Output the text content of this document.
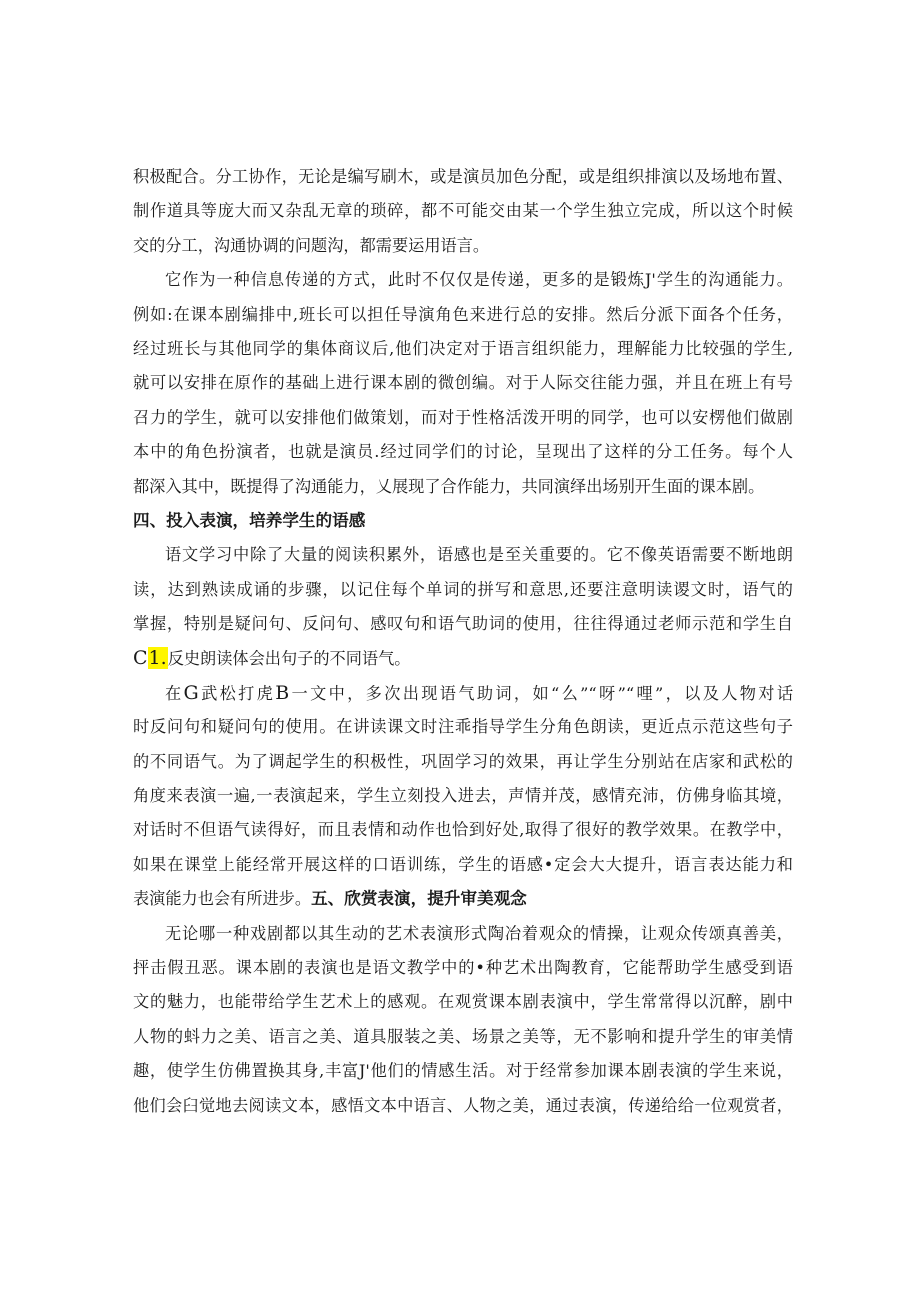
积极配合。分工协作，无论是编写刷木，或是演员加色分配，或是组织排演以及场地布置、
制作道具等庞大而又杂乱无章的琐碎，都不可能交由某一个学生独立完成，所以这个时候
交的分工，沟通协调的问题沟，都需要运用语言。
它作为一种信息传递的方式，此时不仅仅是传递，更多的是锻炼J'学生的沟通能力。
例如:在课本剧编排中,班长可以担任导演角色来进行总的安排。然后分派下面各个任务，
经过班长与其他同学的集体商议后,他们决定对于语言组织能力，理解能力比较强的学生,
就可以安排在原作的基础上进行课本剧的微创编。对于人际交往能力强，并且在班上有号
召力的学生，就可以安排他们做策划，而对于性格活泼开明的同学，也可以安楞他们做剧
本中的角色扮演者，也就是演员.经过同学们的讨论，呈现出了这样的分工任务。每个人
都深入其中，既提得了沟通能力，乂展现了合作能力，共同演绎出场别开生面的课本剧。
四、投入表演，培养学生的语感
语文学习中除了大量的阅读积累外，语感也是至关重要的。它不像英语需要不断地朗
读，达到熟读成诵的步骤，以记住每个单词的拼写和意思,还要注意明读谡文时，语气的
掌握，特别是疑问句、反问句、感叹句和语气助词的使用，往往得通过老师示范和学生自
C1.反史朗读体会出句子的不同语气。
在G武松打虎B一文中，多次出现语气助词，如“么”“呀”“哩”，以及人物对话
时反问句和疑问句的使用。在讲读课文时注乖指导学生分角色朗读，更近点示范这些句子
的不同语气。为了调起学生的积极性，巩固学习的效果，再让学生分别站在店家和武松的
角度来表演一遍,一表演起来，学生立刻投入进去，声情并茂，感情充沛，仿佛身临其境，
对话时不但语气读得好，而且表情和动作也恰到好处,取得了很好的教学效果。在教学中，
如果在课堂上能经常开展这样的口语训练，学生的语感•定会大大提升，语言表达能力和
表演能力也会有所进步。五、欣赏表演，提升审美观念
无论哪一种戏剧都以其生动的艺术表演形式陶冶着观众的情操，让观众传颂真善美，
抨击假丑恶。课本剧的表演也是语文教学中的•种艺术出陶教育，它能帮助学生感受到语
文的魅力，也能带给学生艺术上的感观。在观赏课本剧表演中，学生常常得以沉醉，剧中
人物的蚪力之美、语言之美、道具服装之美、场景之美等，无不影响和提升学生的审美情
趣，使学生仿佛置换其身,丰富J'他们的情感生活。对于经常参加课本剧表演的学生来说，
他们会臼觉地去阅读文本，感悟文本中语言、人物之美，通过表演，传递给给一位观赏者，
